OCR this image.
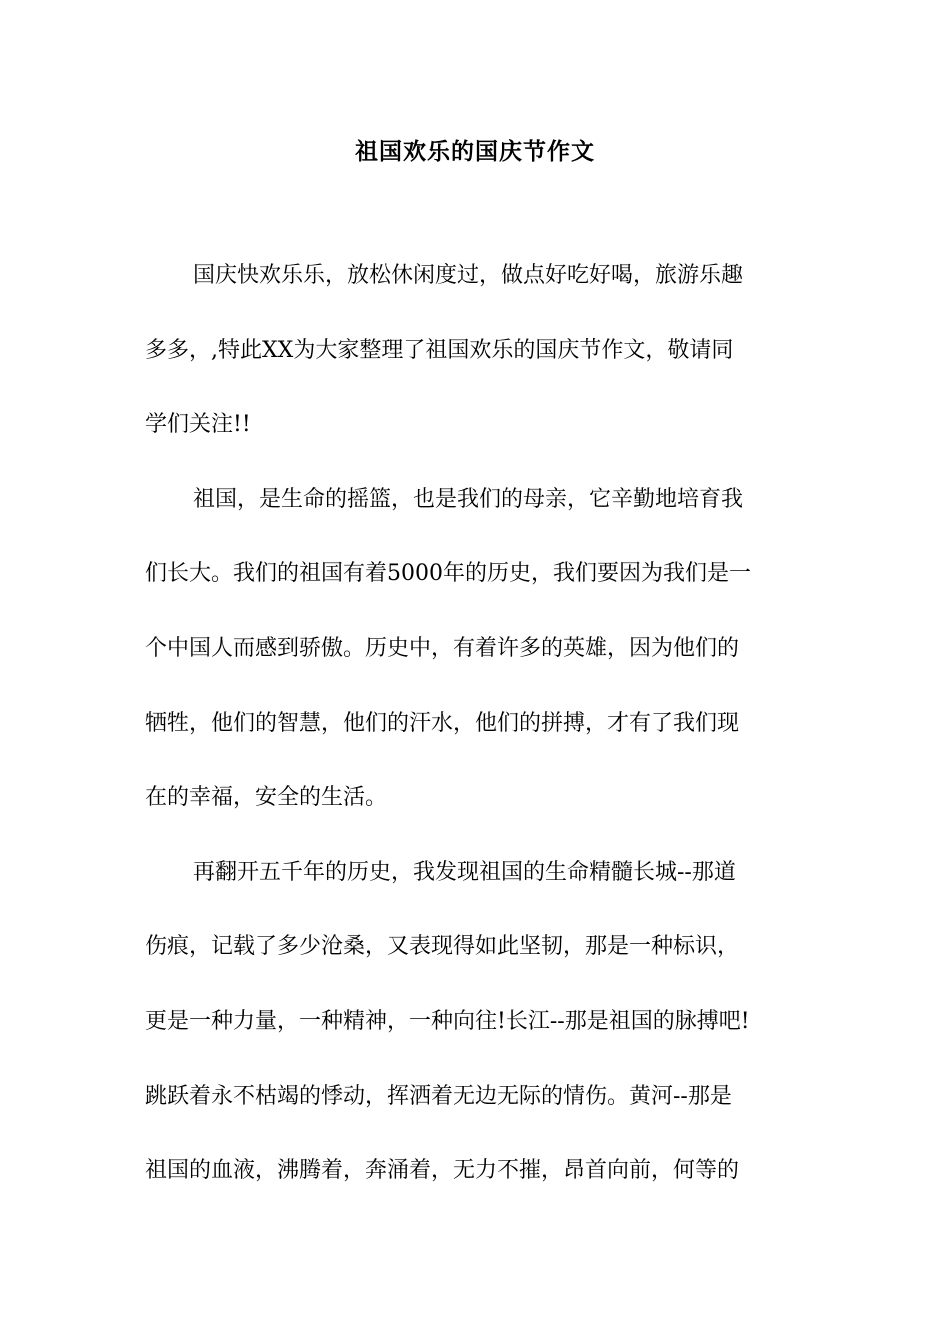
祖国欢乐的国庆节作文
国庆快欢乐乐，放松休闲度过，做点好吃好喝，旅游乐趣
多多，,特此XX为大家整理了祖国欢乐的国庆节作文，敬请同
学们关注!!
祖国，是生命的摇篮，也是我们的母亲，它辛勤地培育我
们长大。我们的祖国有着5000年的历史，我们要因为我们是一
个中国人而感到骄傲。历史中，有着许多的英雄，因为他们的
牺牲，他们的智慧，他们的汗水，他们的拼搏，才有了我们现
在的幸福，安全的生活。
再翻开五千年的历史，我发现祖国的生命精髓长城--那道
伤痕，记载了多少沧桑，又表现得如此坚韧，那是一种标识，
更是一种力量，一种精神，一种向往!长江--那是祖国的脉搏吧!
跳跃着永不枯竭的悸动，挥洒着无边无际的情伤。黄河--那是
祖国的血液，沸腾着，奔涌着，无力不摧，昂首向前，何等的
